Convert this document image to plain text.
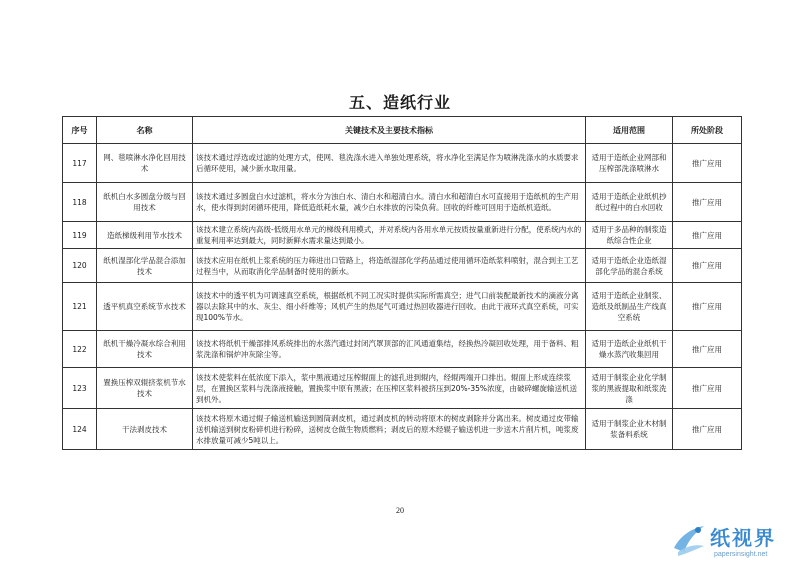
五、造纸行业
序号	名称	关键技术及主要技术指标	适用范围	所处阶段
117	网、毯喷淋水净化回用技术	该技术通过浮选或过滤的处理方式，使网、毯洗涤水进入单独处理系统，将水净化至满足作为喷淋洗涤水的水质要求后循环使用，减少新水取用量。	适用于造纸企业网部和压榨部洗涤喷淋水	推广应用
118	纸机白水多圆盘分级与回用技术	该技术通过多圆盘白水过滤机，将水分为浊白水、清白水和超清白水。清白水和超清白水可直接用于造纸机的生产用水，使水得到封闭循环使用，降低造纸耗水量，减少白水排放的污染负荷。回收的纤维可回用于造纸机造纸。	适用于造纸企业纸机抄纸过程中的白水回收	推广应用
119	造纸梯级利用节水技术	该技术建立系统内高级-低级用水单元的梯级利用模式，并对系统内各用水单元按质按量重新进行分配，使系统内水的重复利用率达到最大，同时新鲜水需求量达到最小。	适用于多品种的制浆造纸综合性企业	推广应用
120	纸机湿部化学品混合添加技术	该技术应用在纸机上浆系统的压力筛进出口管路上，将造纸湿部化学药品通过使用循环造纸浆料喷射，混合到主工艺过程当中，从而取消化学品制备时使用的新水。	适用于造纸企业造纸湿部化学品的混合系统	推广应用
121	透平机真空系统节水技术	该技术中的透平机为可调速真空系统，根据纸机不同工况实时提供实际所需真空；进气口前装配最新技术的滴液分离器以去除其中的水、灰尘、细小纤维等；风机产生的热尾气可通过热回收器进行回收。由此于液环式真空系统，可实现100%节水。	适用于造纸企业制浆、造纸及纸制品生产线真空系统	推广应用
122	纸机干燥冷凝水综合利用技术	该技术将纸机干燥部排风系统排出的水蒸汽通过封闭汽罩顶部的汇风通道集结，经换热冷凝回收处理，用于备料、粗浆洗涤和锅炉冲灰除尘等。	适用于造纸企业纸机干燥水蒸汽收集回用	推广应用
123	置换压榨双辊挤浆机节水技术	该技术使浆料在低浓度下添入，浆中黑液通过压榨辊面上的滤孔进到辊内，经辊两端开口排出。辊面上形成连续浆层，在置换区浆料与洗涤液接触，置换浆中原有黑液；在压榨区浆料被挤压到20%-35%浓度，由破碎螺旋输送机送到机外。	适用于制浆企业化学制浆的黑液提取和纸浆洗涤	推广应用
124	干法剥皮技术	该技术将原木通过辊子输送机输送到圆筒剥皮机，通过剥皮机的转动将原木的树皮剥除并分离出来。树皮通过皮带输送机输送到树皮粉碎机进行粉碎，送树皮仓做生物质燃料；剥皮后的原木经辊子输送机进一步送木片削片机，吨浆废水排放量可减少5吨以上。	适用于制浆企业木材制浆备料系统	推广应用
20
纸视界
papersinsight.net
